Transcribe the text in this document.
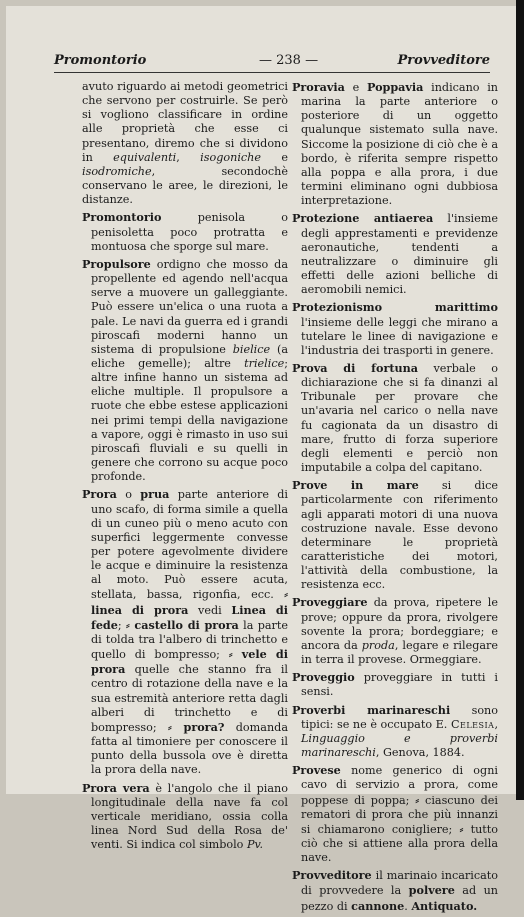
Promontorio	— 238 —	Provveditore

avuto riguardo ai metodi geometrici che servono per costruirle. Se però si vogliono classificare in ordine alle proprietà che esse ci presentano, diremo che si dividono in equivalenti, isogoniche e isodromiche, secondochè conservano le aree, le direzioni, le distanze.

Promontorio penisola o penisoletta poco protratta e montuosa che sporge sul mare.

Propulsore ordigno che mosso da propellente ed agendo nell'acqua serve a muovere un galleggiante. Può essere un'elica o una ruota a pale. Le navi da guerra ed i grandi piroscafi moderni hanno un sistema di propulsione bielice (a eliche gemelle); altre trielice; altre infine hanno un sistema ad eliche multiple. Il propulsore a ruote che ebbe estese applicazioni nei primi tempi della navigazione a vapore, oggi è rimasto in uso sui piroscafi fluviali e su quelli in genere che corrono su acque poco profonde.

Prora o prua parte anteriore di uno scafo, di forma simile a quella di un cuneo più o meno acuto con superfici leggermente convesse per potere agevolmente dividere le acque e diminuire la resistenza al moto. Può essere acuta, stellata, bassa, rigonfia, ecc. ⸗ linea di prora vedi Linea di fede; ⸗ castello di prora la parte di tolda tra l'albero di trinchetto e quello di bompresso; ⸗ vele di prora quelle che stanno fra il centro di rotazione della nave e la sua estremità anteriore retta dagli alberi di trinchetto e di bompresso; ⸗ prora? domanda fatta al timoniere per conoscere il punto della bussola ove è diretta la prora della nave.

Prora vera è l'angolo che il piano longitudinale della nave fa col verticale meridiano, ossia colla linea Nord Sud della Rosa de' venti. Si indica col simbolo Pv.

Proravia e Poppavia indicano in marina la parte anteriore o posteriore di un oggetto qualunque sistemato sulla nave. Siccome la posizione di ciò che è a bordo, è riferita sempre rispetto alla poppa e alla prora, i due termini eliminano ogni dubbiosa interpretazione.

Protezione antiaerea l'insieme degli apprestamenti e previdenze aeronautiche, tendenti a neutralizzare o diminuire gli effetti delle azioni belliche di aeromobili nemici.

Protezionismo marittimo l'insieme delle leggi che mirano a tutelare le linee di navigazione e l'industria dei trasporti in genere.

Prova di fortuna verbale o dichiarazione che si fa dinanzi al Tribunale per provare che un'avaria nel carico o nella nave fu cagionata da un disastro di mare, frutto di forza superiore degli elementi e perciò non imputabile a colpa del capitano.

Prove in mare si dice particolarmente con riferimento agli apparati motori di una nuova costruzione navale. Esse devono determinare le proprietà caratteristiche dei motori, l'attività della combustione, la resistenza ecc.

Proveggiare da prova, ripetere le prove; oppure da prora, rivolgere sovente la prora; bordeggiare; e ancora da proda, legare e rilegare in terra il provese. Ormeggiare.

Proveggio proveggiare in tutti i sensi.

Proverbi marinareschi sono tipici: se ne è occupato E. Celesia, Linguaggio e proverbi marinareschi, Genova, 1884.

Provese nome generico di ogni cavo di servizio a prora, come poppese di poppa; ⸗ ciascuno dei rematori di prora che più innanzi si chiamarono conigliere; ⸗ tutto ciò che si attiene alla prora della nave.

Provveditore il marinaio incaricato di provvedere la polvere ad un pezzo di cannone. Antiquato.
